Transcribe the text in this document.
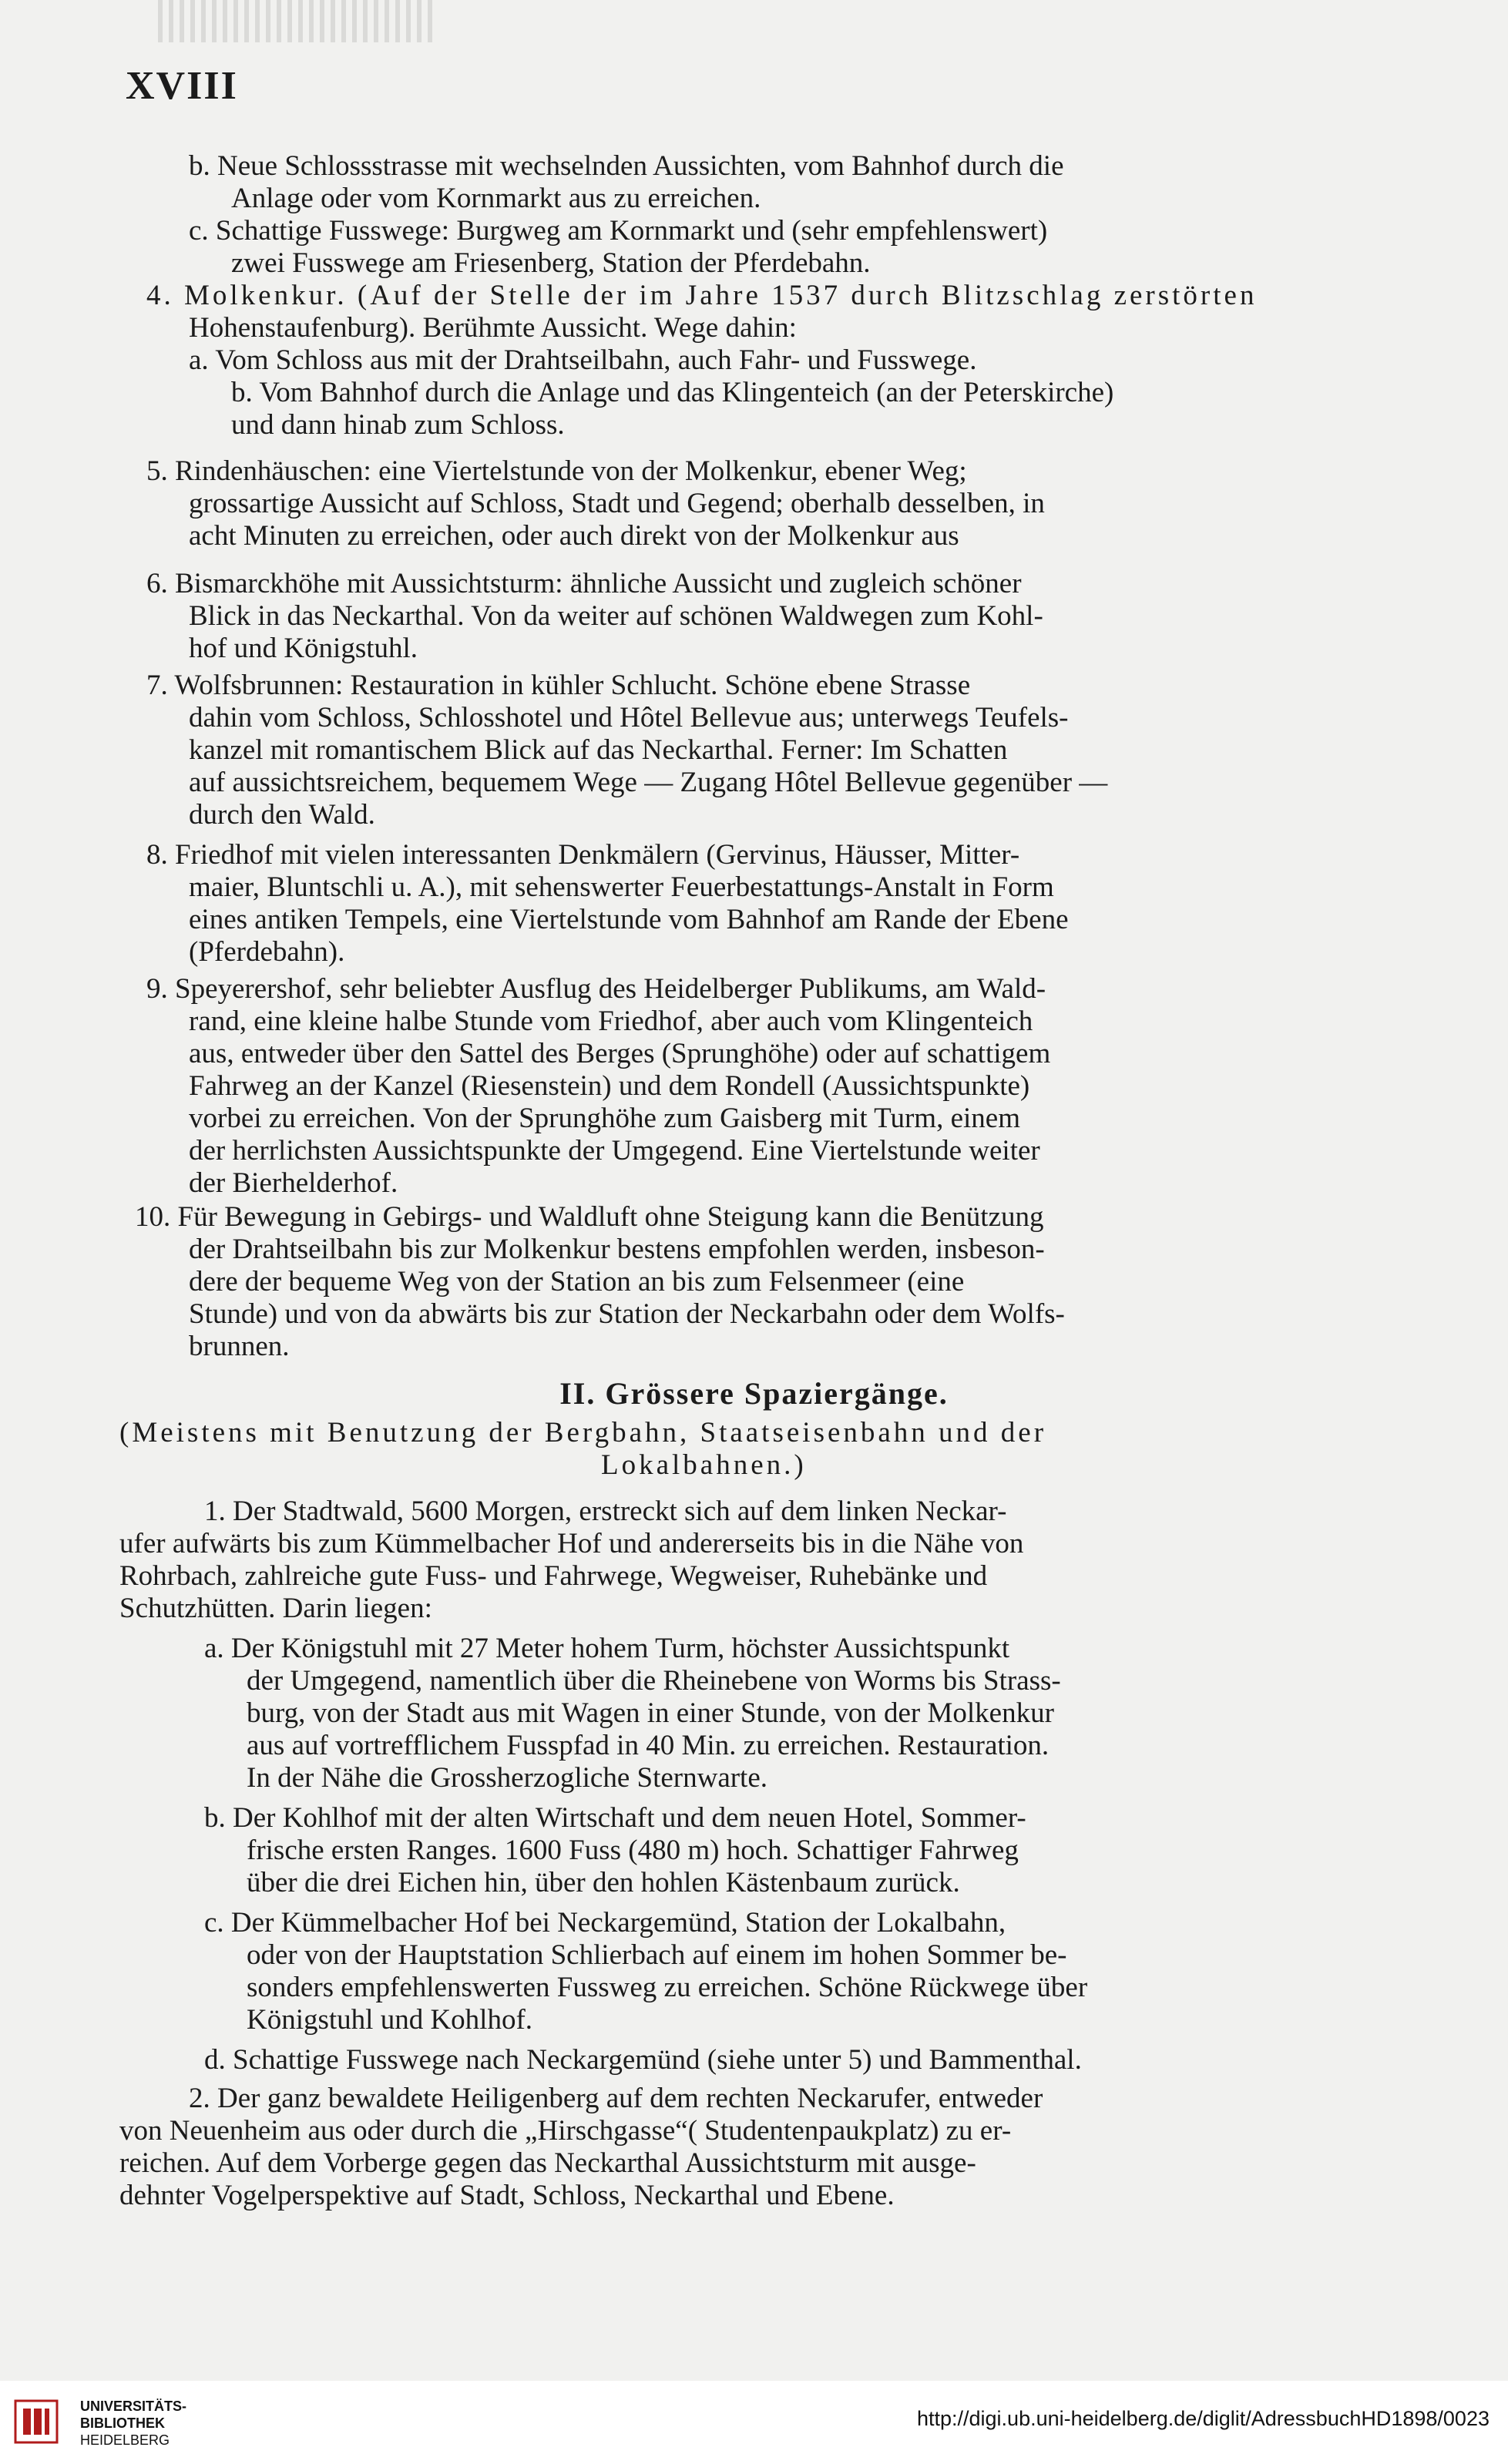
XVIII
b. Neue Schlossstrasse mit wechselnden Aussichten, vom Bahnhof durch die
Anlage oder vom Kornmarkt aus zu erreichen.
c. Schattige Fusswege: Burgweg am Kornmarkt und (sehr empfehlenswert)
zwei Fusswege am Friesenberg, Station der Pferdebahn.
4. Molkenkur. (Auf der Stelle der im Jahre 1537 durch Blitzschlag zerstörten
Hohenstaufenburg). Berühmte Aussicht. Wege dahin:
a. Vom Schloss aus mit der Drahtseilbahn, auch Fahr- und Fusswege.
b. Vom Bahnhof durch die Anlage und das Klingenteich (an der Peterskirche)
und dann hinab zum Schloss.
5. Rindenhäuschen: eine Viertelstunde von der Molkenkur, ebener Weg;
grossartige Aussicht auf Schloss, Stadt und Gegend; oberhalb desselben, in
acht Minuten zu erreichen, oder auch direkt von der Molkenkur aus
6. Bismarckhöhe mit Aussichtsturm: ähnliche Aussicht und zugleich schöner
Blick in das Neckarthal. Von da weiter auf schönen Waldwegen zum Kohl-
hof und Königstuhl.
7. Wolfsbrunnen: Restauration in kühler Schlucht. Schöne ebene Strasse
dahin vom Schloss, Schlosshotel und Hôtel Bellevue aus; unterwegs Teufels-
kanzel mit romantischem Blick auf das Neckarthal. Ferner: Im Schatten
auf aussichtsreichem, bequemem Wege — Zugang Hôtel Bellevue gegenüber —
durch den Wald.
8. Friedhof mit vielen interessanten Denkmälern (Gervinus, Häusser, Mitter-
maier, Bluntschli u. A.), mit sehenswerter Feuerbestattungs-Anstalt in Form
eines antiken Tempels, eine Viertelstunde vom Bahnhof am Rande der Ebene
(Pferdebahn).
9. Speyerershof, sehr beliebter Ausflug des Heidelberger Publikums, am Wald-
rand, eine kleine halbe Stunde vom Friedhof, aber auch vom Klingenteich
aus, entweder über den Sattel des Berges (Sprunghöhe) oder auf schattigem
Fahrweg an der Kanzel (Riesenstein) und dem Rondell (Aussichtspunkte)
vorbei zu erreichen. Von der Sprunghöhe zum Gaisberg mit Turm, einem
der herrlichsten Aussichtspunkte der Umgegend. Eine Viertelstunde weiter
der Bierhelderhof.
10. Für Bewegung in Gebirgs- und Waldluft ohne Steigung kann die Benützung
der Drahtseilbahn bis zur Molkenkur bestens empfohlen werden, insbeson-
dere der bequeme Weg von der Station an bis zum Felsenmeer (eine
Stunde) und von da abwärts bis zur Station der Neckarbahn oder dem Wolfs-
brunnen.
II. Grössere Spaziergänge.
(Meistens mit Benutzung der Bergbahn, Staatseisenbahn und der
Lokalbahnen.)
1. Der Stadtwald, 5600 Morgen, erstreckt sich auf dem linken Neckar-
ufer aufwärts bis zum Kümmelbacher Hof und andererseits bis in die Nähe von
Rohrbach, zahlreiche gute Fuss- und Fahrwege, Wegweiser, Ruhebänke und
Schutzhütten. Darin liegen:
a. Der Königstuhl mit 27 Meter hohem Turm, höchster Aussichtspunkt
der Umgegend, namentlich über die Rheinebene von Worms bis Strass-
burg, von der Stadt aus mit Wagen in einer Stunde, von der Molkenkur
aus auf vortrefflichem Fusspfad in 40 Min. zu erreichen. Restauration.
In der Nähe die Grossherzogliche Sternwarte.
b. Der Kohlhof mit der alten Wirtschaft und dem neuen Hotel, Sommer-
frische ersten Ranges. 1600 Fuss (480 m) hoch. Schattiger Fahrweg
über die drei Eichen hin, über den hohlen Kästenbaum zurück.
c. Der Kümmelbacher Hof bei Neckargemünd, Station der Lokalbahn,
oder von der Hauptstation Schlierbach auf einem im hohen Sommer be-
sonders empfehlenswerten Fussweg zu erreichen. Schöne Rückwege über
Königstuhl und Kohlhof.
d. Schattige Fusswege nach Neckargemünd (siehe unter 5) und Bammenthal.
2. Der ganz bewaldete Heiligenberg auf dem rechten Neckarufer, entweder
von Neuenheim aus oder durch die „Hirschgasse“( Studentenpaukplatz) zu er-
reichen. Auf dem Vorberge gegen das Neckarthal Aussichtsturm mit ausge-
dehnter Vogelperspektive auf Stadt, Schloss, Neckarthal und Ebene.
UNIVERSITÄTS-
BIBLIOTHEK
HEIDELBERG
http://digi.ub.uni-heidelberg.de/diglit/AdressbuchHD1898/0023
